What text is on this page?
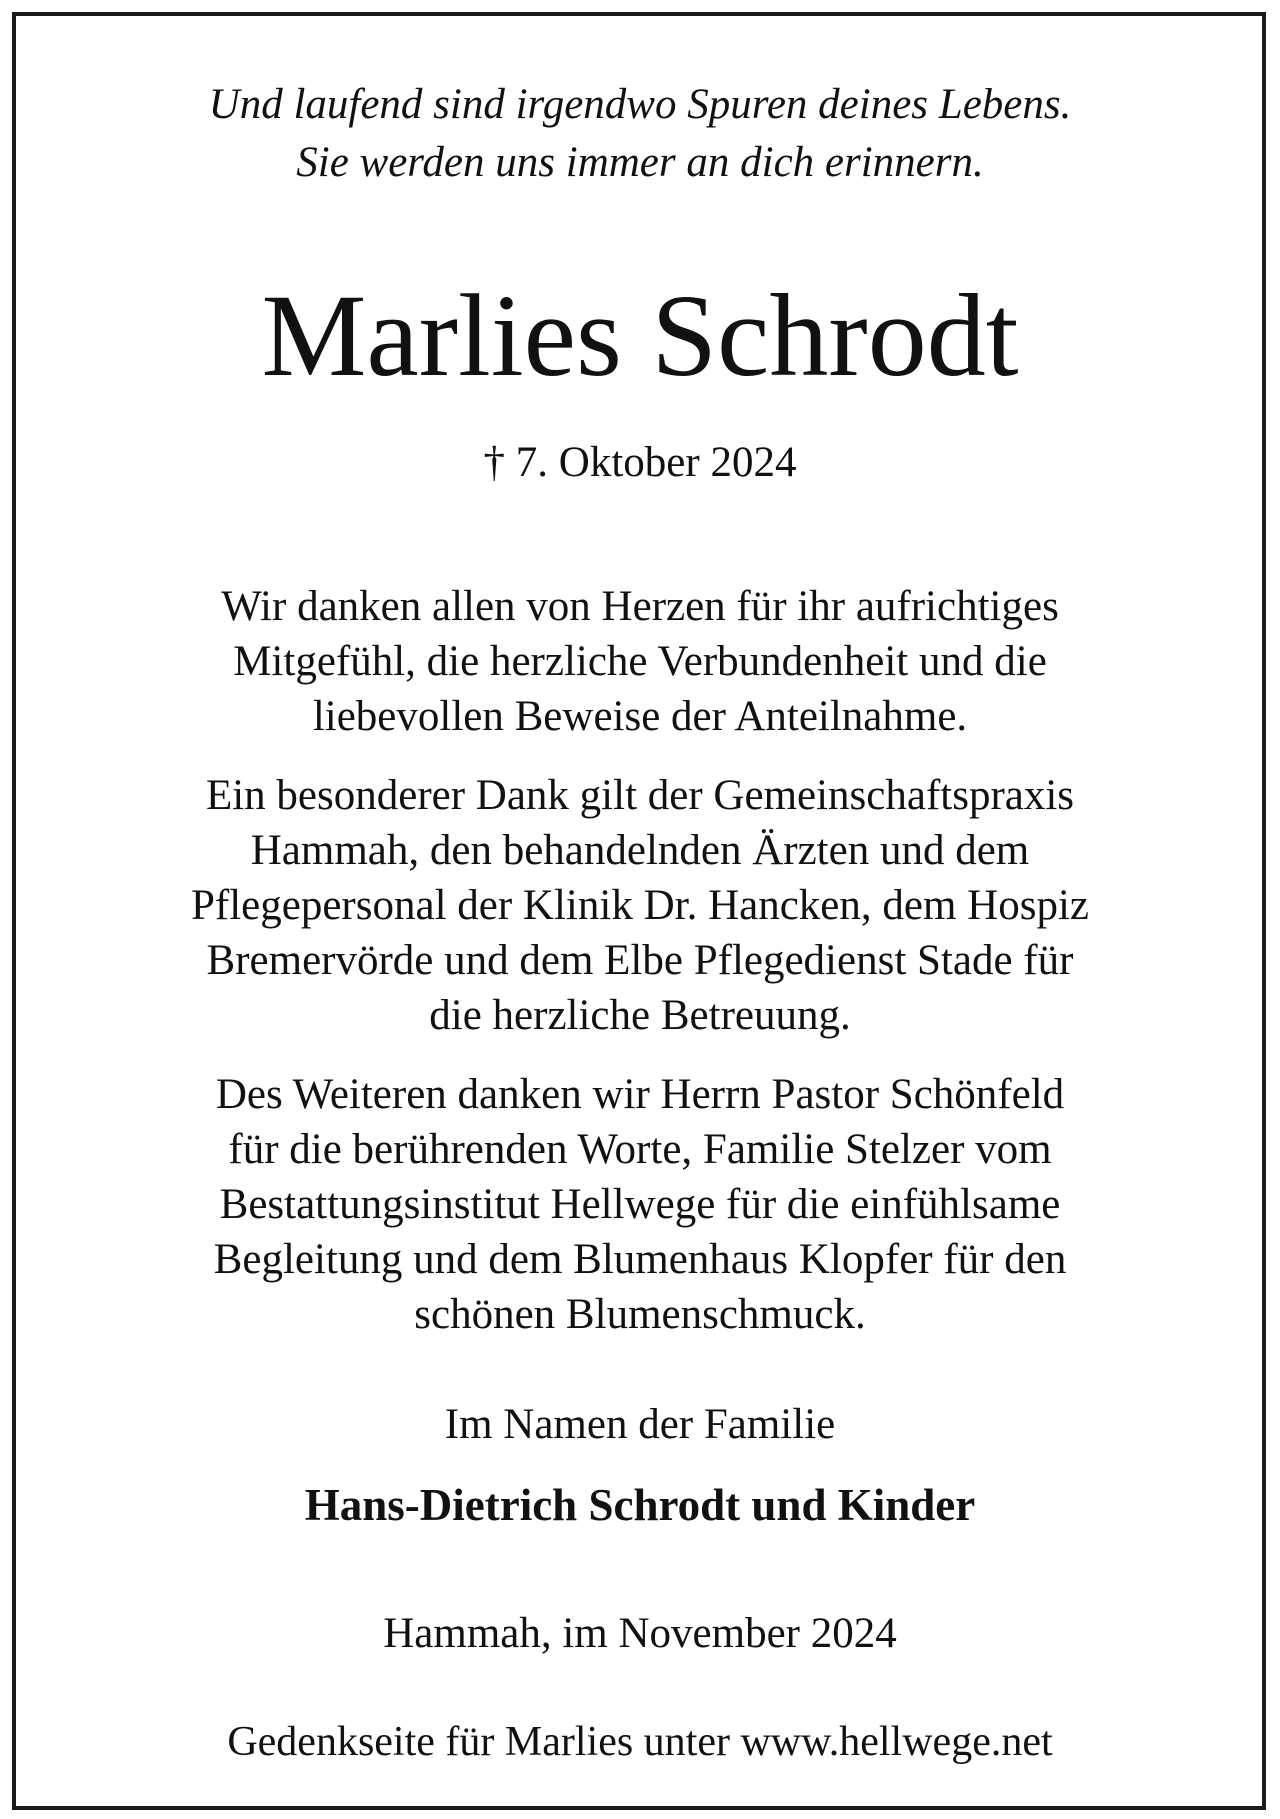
Und laufend sind irgendwo Spuren deines Lebens.
Sie werden uns immer an dich erinnern.
Marlies Schrodt
† 7. Oktober 2024
Wir danken allen von Herzen für ihr aufrichtiges
Mitgefühl, die herzliche Verbundenheit und die
liebevollen Beweise der Anteilnahme.
Ein besonderer Dank gilt der Gemeinschaftspraxis
Hammah, den behandelnden Ärzten und dem
Pflegepersonal der Klinik Dr. Hancken, dem Hospiz
Bremervörde und dem Elbe Pflegedienst Stade für
die herzliche Betreuung.
Des Weiteren danken wir Herrn Pastor Schönfeld
für die berührenden Worte, Familie Stelzer vom
Bestattungsinstitut Hellwege für die einfühlsame
Begleitung und dem Blumenhaus Klopfer für den
schönen Blumenschmuck.
Im Namen der Familie
Hans-Dietrich Schrodt und Kinder
Hammah, im November 2024
Gedenkseite für Marlies unter www.hellwege.net
